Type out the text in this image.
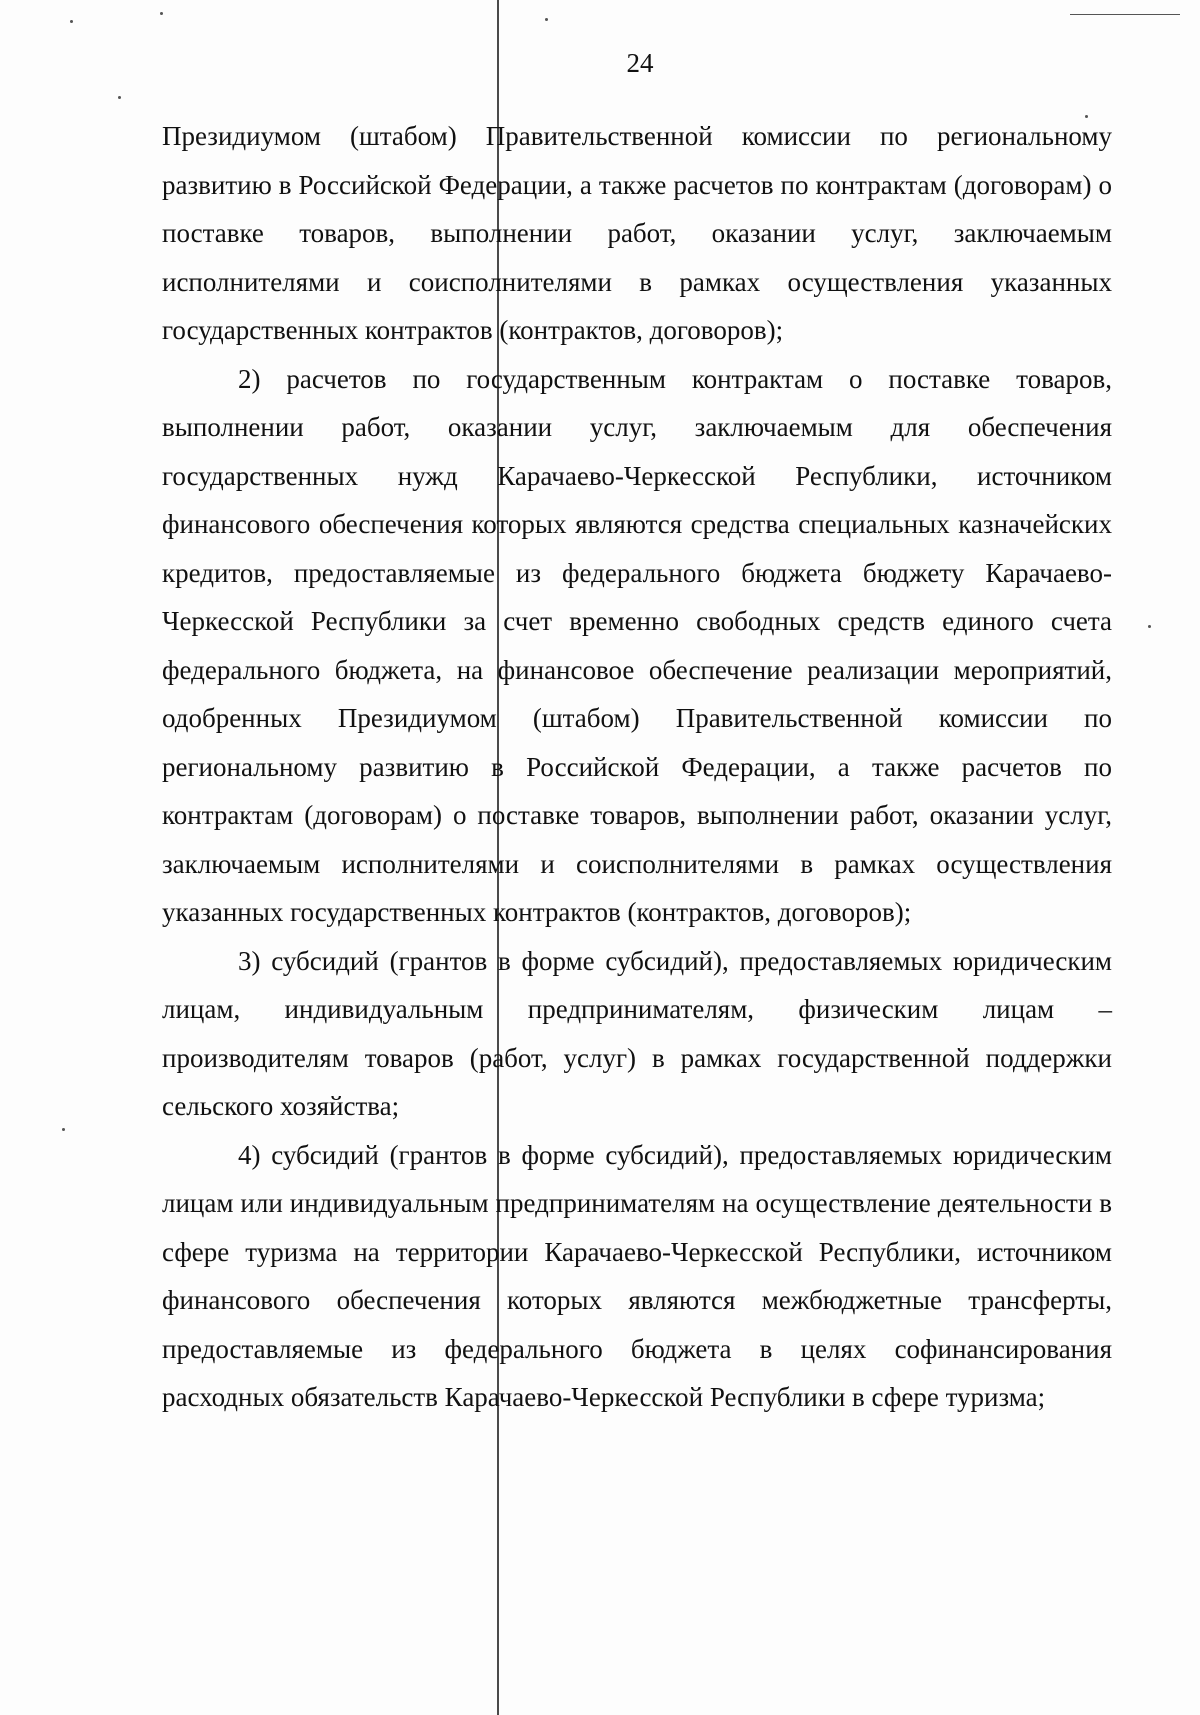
24

Президиумом (штабом) Правительственной комиссии по региональному развитию в Российской Федерации, а также расчетов по контрактам (договорам) о поставке товаров, выполнении работ, оказании услуг, заключаемым исполнителями и соисполнителями в рамках осуществления указанных государственных контрактов (контрактов, договоров);

2) расчетов по государственным контрактам о поставке товаров, выполнении работ, оказании услуг, заключаемым для обеспечения государственных нужд Карачаево-Черкесской Республики, источником финансового обеспечения которых являются средства специальных казначейских кредитов, предоставляемые из федерального бюджета бюджету Карачаево-Черкесской Республики за счет временно свободных средств единого счета федерального бюджета, на финансовое обеспечение реализации мероприятий, одобренных Президиумом (штабом) Правительственной комиссии по региональному развитию в Российской Федерации, а также расчетов по контрактам (договорам) о поставке товаров, выполнении работ, оказании услуг, заключаемым исполнителями и соисполнителями в рамках осуществления указанных государственных контрактов (контрактов, договоров);

3) субсидий (грантов в форме субсидий), предоставляемых юридическим лицам, индивидуальным предпринимателям, физическим лицам – производителям товаров (работ, услуг) в рамках государственной поддержки сельского хозяйства;

4) субсидий (грантов в форме субсидий), предоставляемых юридическим лицам или индивидуальным предпринимателям на осуществление деятельности в сфере туризма на территории Карачаево-Черкесской Республики, источником финансового обеспечения которых являются межбюджетные трансферты, предоставляемые из федерального бюджета в целях софинансирования расходных обязательств Карачаево-Черкесской Республики в сфере туризма;
